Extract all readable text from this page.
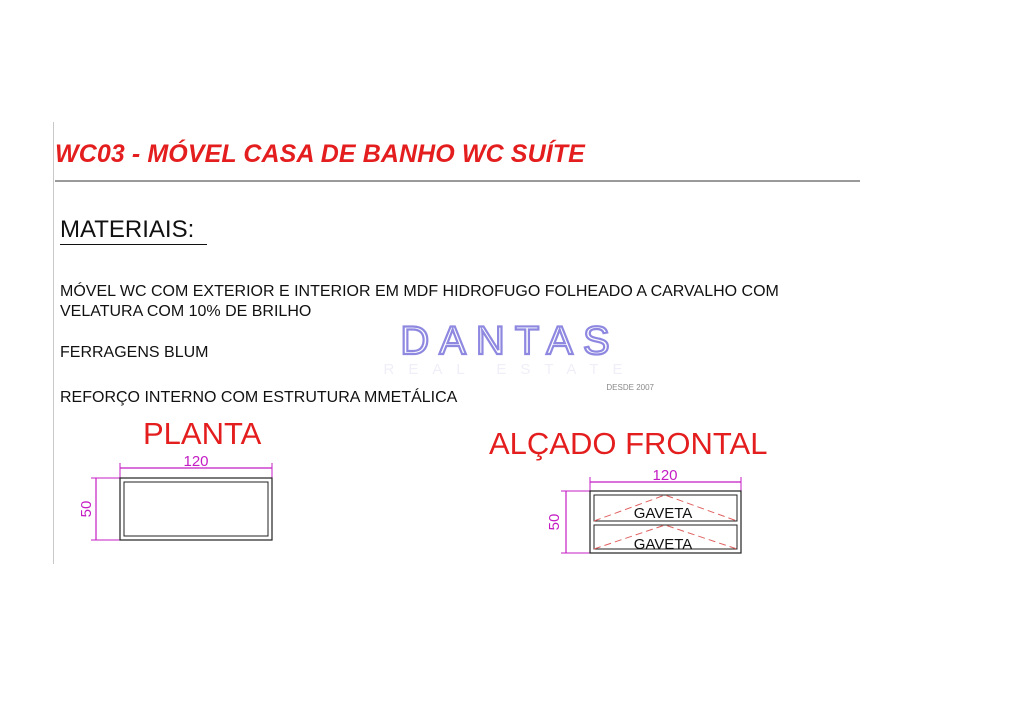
WC03 - MÓVEL CASA DE BANHO WC SUÍTE
MATERIAIS:
MÓVEL WC COM EXTERIOR E INTERIOR EM MDF HIDROFUGO FOLHEADO A CARVALHO COM
VELATURA COM 10% DE BRILHO
FERRAGENS BLUM
REFORÇO INTERNO COM ESTRUTURA MMETÁLICA
DANTAS
REAL ESTATE
DESDE 2007
PLANTA	ALÇADO FRONTAL
120
50
120
50	GAVETA
GAVETA
